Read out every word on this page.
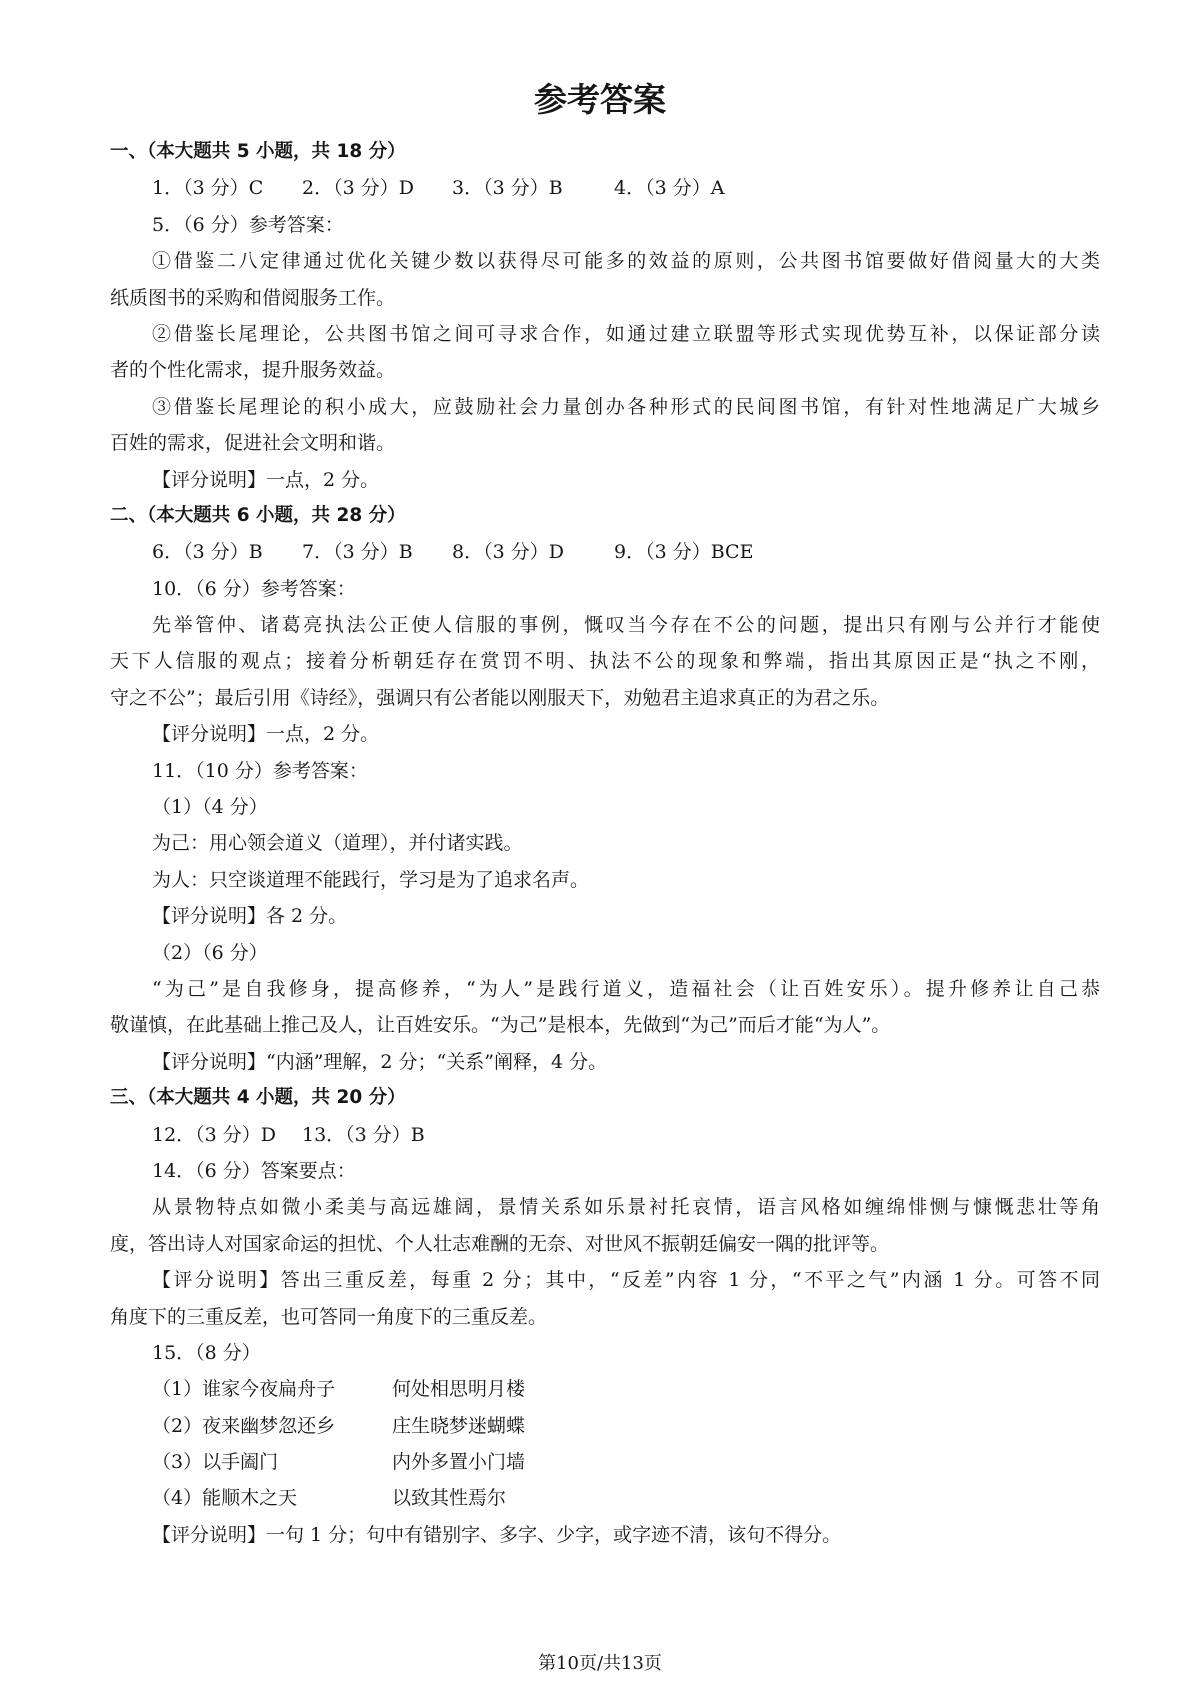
参考答案
一、（本大题共 5 小题，共 18 分）
1．（3 分）C	2．（3 分）D	3．（3 分）B	4．（3 分）A
5．（6 分）参考答案：
①借鉴二八定律通过优化关键少数以获得尽可能多的效益的原则，公共图书馆要做好借阅量大的大类
纸质图书的采购和借阅服务工作。
②借鉴长尾理论，公共图书馆之间可寻求合作，如通过建立联盟等形式实现优势互补，以保证部分读
者的个性化需求，提升服务效益。
③借鉴长尾理论的积小成大，应鼓励社会力量创办各种形式的民间图书馆，有针对性地满足广大城乡
百姓的需求，促进社会文明和谐。
【评分说明】一点，2 分。
二、（本大题共 6 小题，共 28 分）
6．（3 分）B	7．（3 分）B	8．（3 分）D	9．（3 分）BCE
10．（6 分）参考答案：
先举管仲、诸葛亮执法公正使人信服的事例，慨叹当今存在不公的问题，提出只有刚与公并行才能使
天下人信服的观点；接着分析朝廷存在赏罚不明、执法不公的现象和弊端，指出其原因正是“执之不刚，
守之不公”；最后引用《诗经》，强调只有公者能以刚服天下，劝勉君主追求真正的为君之乐。
【评分说明】一点，2 分。
11．（10 分）参考答案：
（1）（4 分）
为己：用心领会道义（道理），并付诸实践。
为人：只空谈道理不能践行，学习是为了追求名声。
【评分说明】各 2 分。
（2）（6 分）
“为己”是自我修身，提高修养，“为人”是践行道义，造福社会（让百姓安乐）。提升修养让自己恭
敬谨慎，在此基础上推己及人，让百姓安乐。“为己”是根本，先做到“为己”而后才能“为人”。
【评分说明】“内涵”理解，2 分；“关系”阐释，4 分。
三、（本大题共 4 小题，共 20 分）
12．（3 分）D	13．（3 分）B
14．（6 分）答案要点：
从景物特点如微小柔美与高远雄阔，景情关系如乐景衬托哀情，语言风格如缠绵悱恻与慷慨悲壮等角
度，答出诗人对国家命运的担忧、个人壮志难酬的无奈、对世风不振朝廷偏安一隅的批评等。
【评分说明】答出三重反差，每重 2 分；其中，“反差”内容 1 分，“不平之气”内涵 1 分。可答不同
角度下的三重反差，也可答同一角度下的三重反差。
15．（8 分）
（1）谁家今夜扁舟子	何处相思明月楼
（2）夜来幽梦忽还乡	庄生晓梦迷蝴蝶
（3）以手阖门	内外多置小门墙
（4）能顺木之天	以致其性焉尔
【评分说明】一句 1 分；句中有错别字、多字、少字，或字迹不清，该句不得分。
第10页/共13页
